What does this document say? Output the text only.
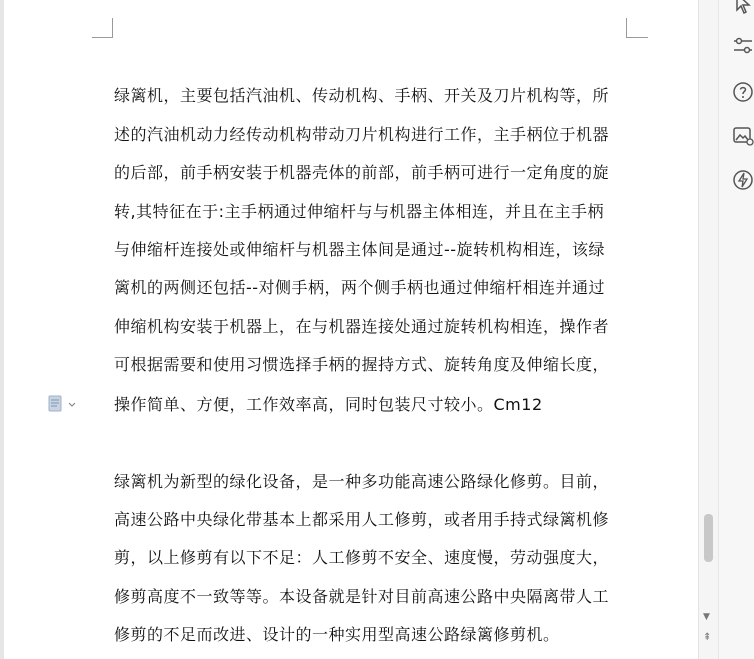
绿篱机，主要包括汽油机、传动机构、手柄、开关及刀片机构等，所
述的汽油机动力经传动机构带动刀片机构进行工作，主手柄位于机器
的后部，前手柄安装于机器壳体的前部，前手柄可进行一定角度的旋
转,其特征在于:主手柄通过伸缩杆与与机器主体相连，并且在主手柄
与伸缩杆连接处或伸缩杆与机器主体间是通过--旋转机构相连，该绿
篱机的两侧还包括--对侧手柄，两个侧手柄也通过伸缩杆相连并通过
伸缩机构安装于机器上，在与机器连接处通过旋转机构相连，操作者
可根据需要和使用习惯选择手柄的握持方式、旋转角度及伸缩长度，
操作简单、方便，工作效率高，同时包装尺寸较小。Cm12
绿篱机为新型的绿化设备，是一种多功能高速公路绿化修剪。目前，
高速公路中央绿化带基本上都采用人工修剪，或者用手持式绿篱机修
剪，以上修剪有以下不足：人工修剪不安全、速度慢，劳动强度大，
修剪高度不一致等等。本设备就是针对目前高速公路中央隔离带人工
修剪的不足而改进、设计的一种实用型高速公路绿篱修剪机。
▼
⇞
